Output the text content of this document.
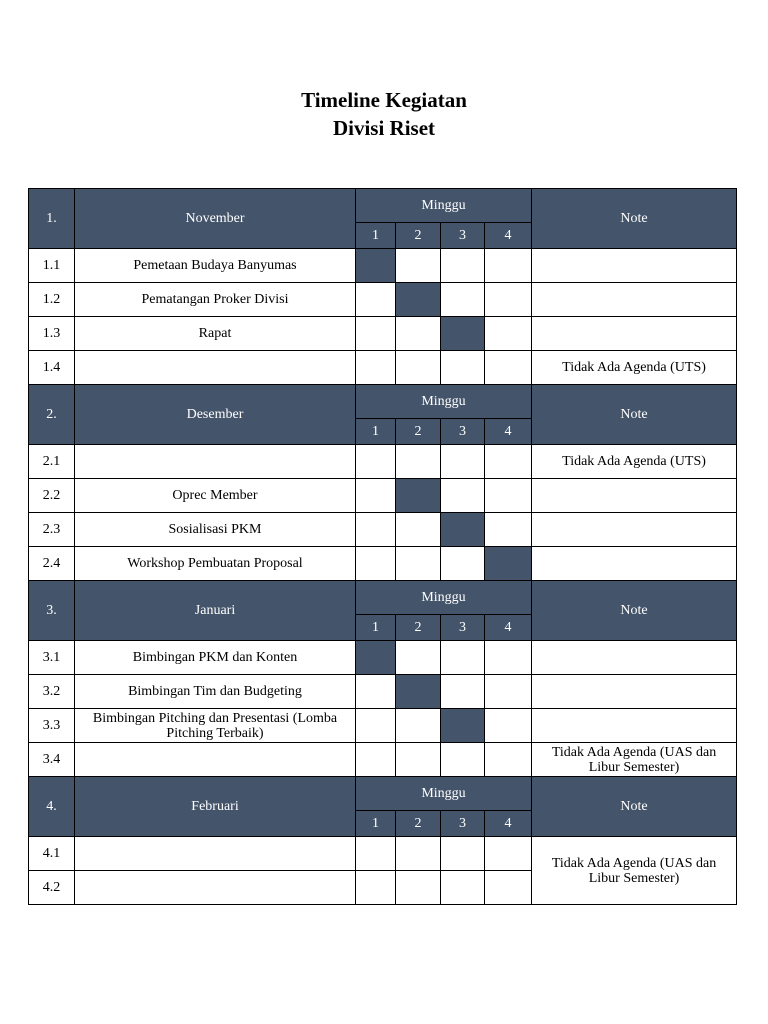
Timeline Kegiatan
Divisi Riset
1.	November	Minggu				Note
		1	2	3	4	
1.1	Pemetaan Budaya Banyumas					
1.2	Pematangan Proker Divisi					
1.3	Rapat					
1.4						Tidak Ada Agenda (UTS)
2.	Desember	Minggu				Note
		1	2	3	4	
2.1						Tidak Ada Agenda (UTS)
2.2	Oprec Member					
2.3	Sosialisasi PKM					
2.4	Workshop Pembuatan Proposal					
3.	Januari	Minggu				Note
		1	2	3	4	
3.1	Bimbingan PKM dan Konten					
3.2	Bimbingan Tim dan Budgeting					
3.3	Bimbingan Pitching dan Presentasi (Lomba Pitching Terbaik)					
3.4						Tidak Ada Agenda (UAS dan Libur Semester)
4.	Februari	Minggu				Note
		1	2	3	4	
4.1						Tidak Ada Agenda (UAS dan Libur Semester)
4.2						
